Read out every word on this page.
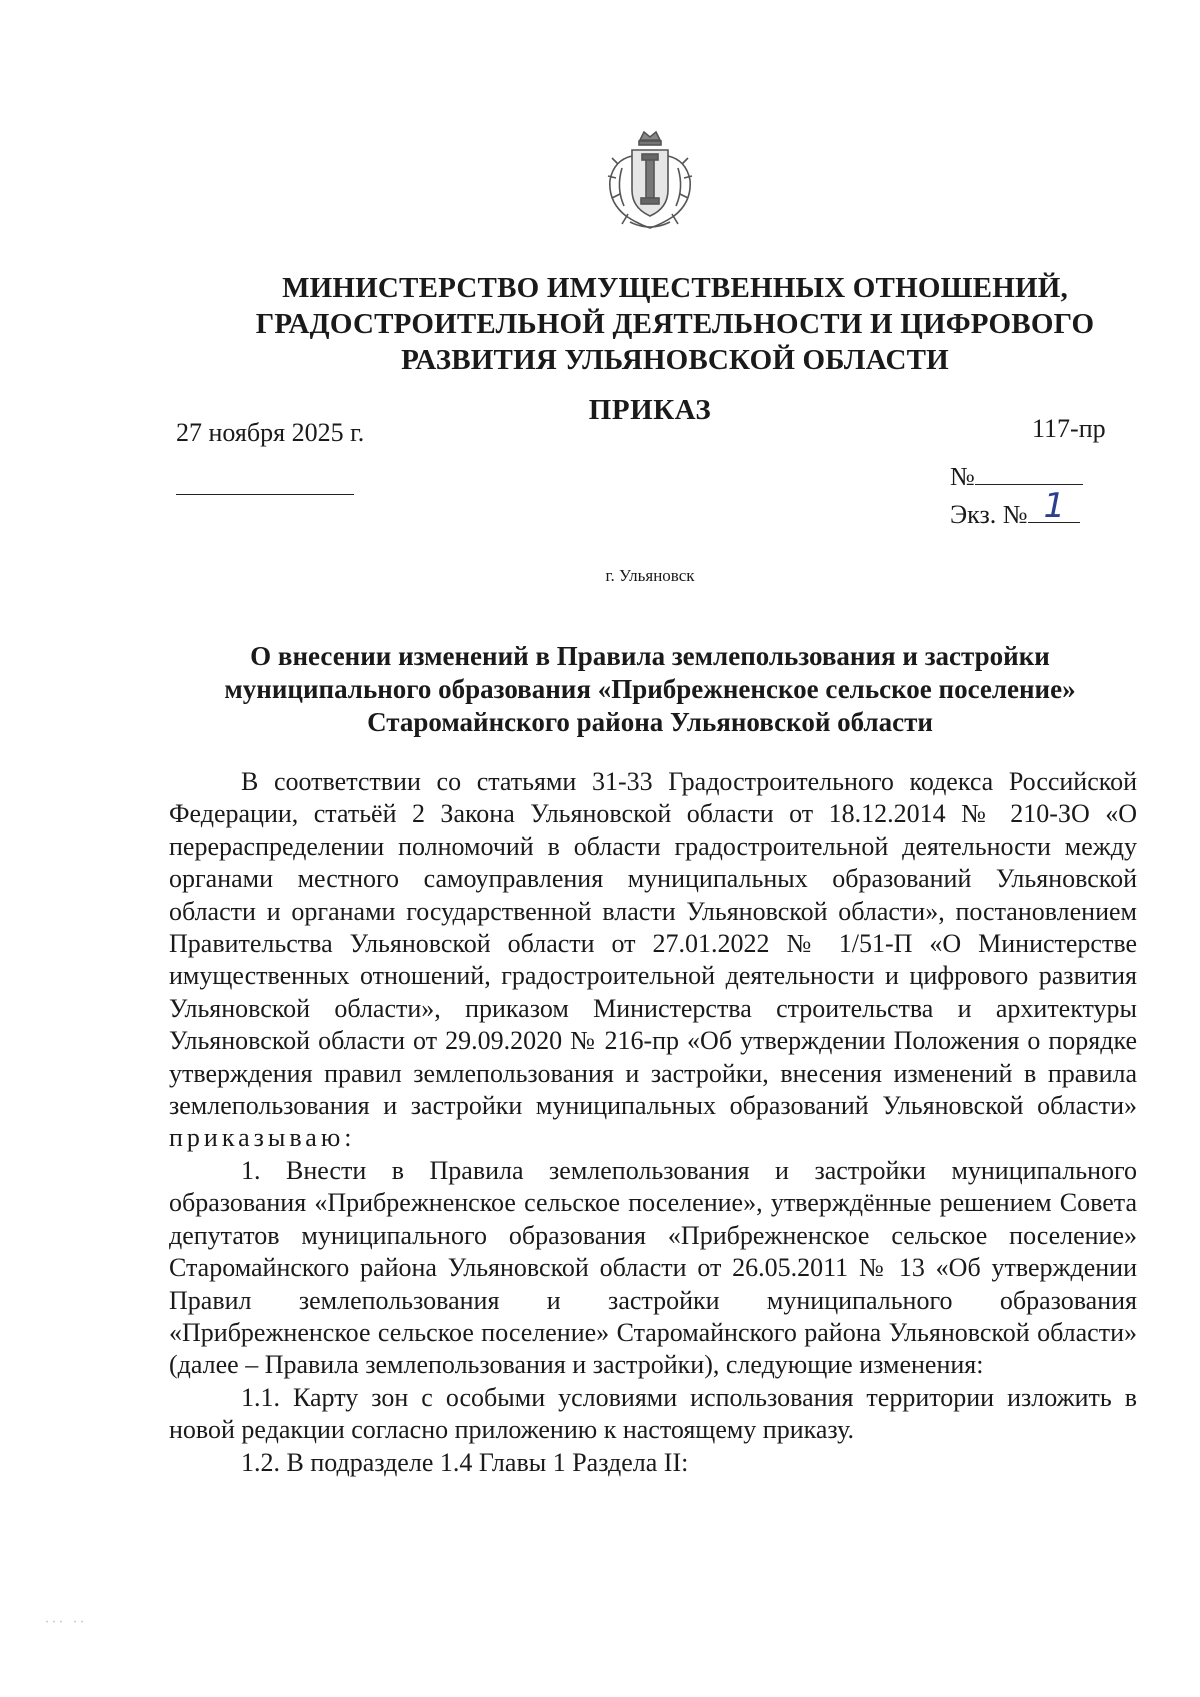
МИНИСТЕРСТВО ИМУЩЕСТВЕННЫХ ОТНОШЕНИЙ,
ГРАДОСТРОИТЕЛЬНОЙ ДЕЯТЕЛЬНОСТИ И ЦИФРОВОГО
РАЗВИТИЯ УЛЬЯНОВСКОЙ ОБЛАСТИ
ПРИКАЗ
27 ноября 2025 г.	117-пр
№
Экз. № 1
г. Ульяновск
О внесении изменений в Правила землепользования и застройки
муниципального образования «Прибрежненское сельское поселение»
Старомайнского района Ульяновской области

В соответствии со статьями 31-33 Градостроительного кодекса Российской Федерации, статьёй 2 Закона Ульяновской области от 18.12.2014 № 210-ЗО «О перераспределении полномочий в области градостроительной деятельности между органами местного самоуправления муниципальных образований Ульяновской области и органами государственной власти Ульяновской области», постановлением Правительства Ульяновской области от 27.01.2022 № 1/51-П «О Министерстве имущественных отношений, градостроительной деятельности и цифрового развития Ульяновской области», приказом Министерства строительства и архитектуры Ульяновской области от 29.09.2020 № 216-пр «Об утверждении Положения о порядке утверждения правил землепользования и застройки, внесения изменений в правила землепользования и застройки муниципальных образований Ульяновской области» приказываю:

1. Внести в Правила землепользования и застройки муниципального образования «Прибрежненское сельское поселение», утверждённые решением Совета депутатов муниципального образования «Прибрежненское сельское поселение» Старомайнского района Ульяновской области от 26.05.2011 № 13 «Об утверждении Правил землепользования и застройки муниципального образования «Прибрежненское сельское поселение» Старомайнского района Ульяновской области» (далее – Правила землепользования и застройки), следующие изменения:

1.1. Карту зон с особыми условиями использования территории изложить в новой редакции согласно приложению к настоящему приказу.

1.2. В подразделе 1.4 Главы 1 Раздела II:

∙∙∙ ∙∙
